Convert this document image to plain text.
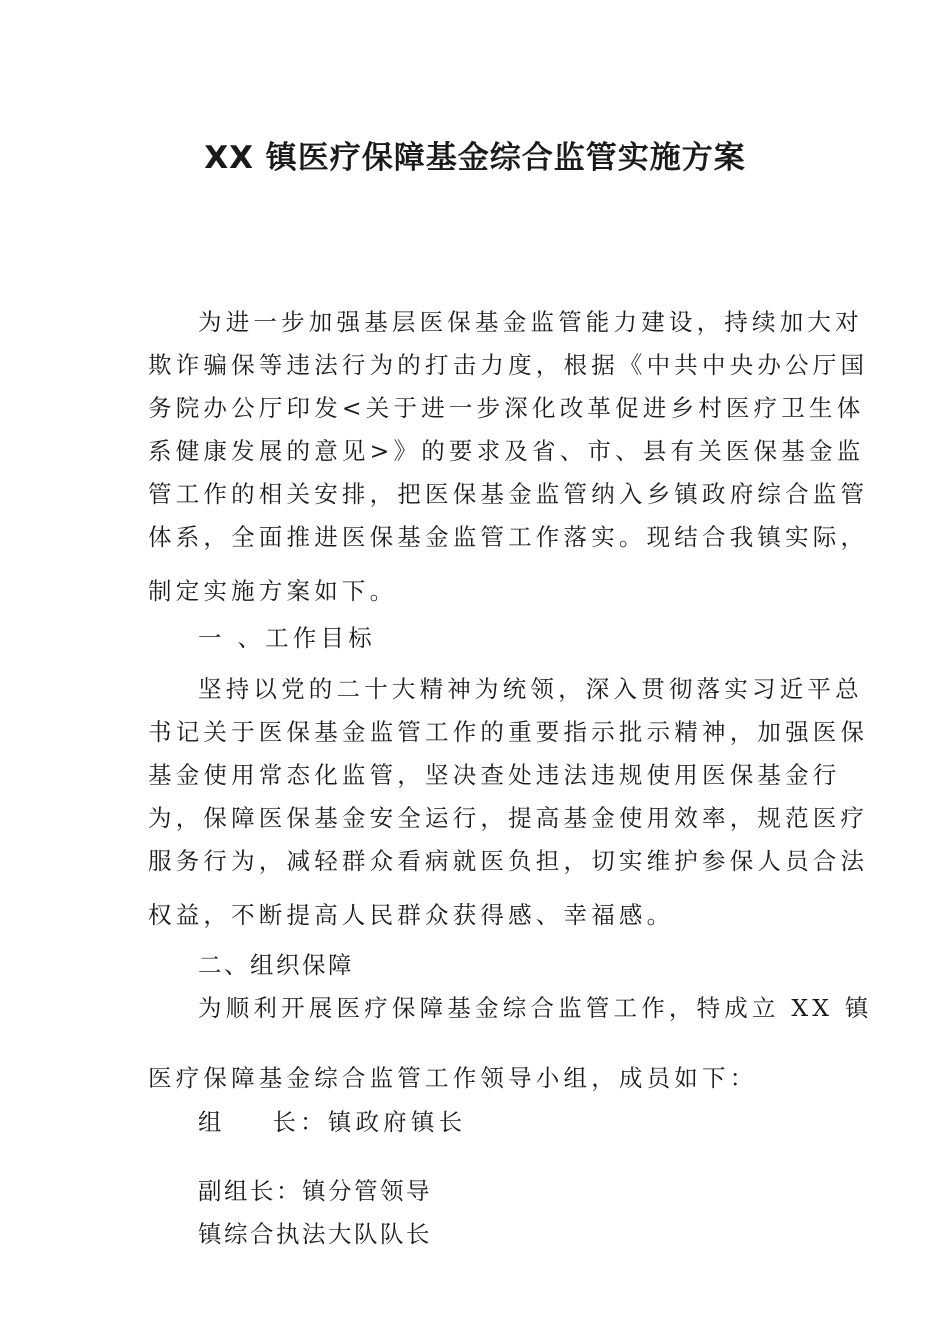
XX 镇医疗保障基金综合监管实施方案
为进一步加强基层医保基金监管能力建设，持续加大对
欺诈骗保等违法行为的打击力度，根据《中共中央办公厅国
务院办公厅印发<关于进一步深化改革促进乡村医疗卫生体
系健康发展的意见>》的要求及省、市、县有关医保基金监
管工作的相关安排，把医保基金监管纳入乡镇政府综合监管
体系，全面推进医保基金监管工作落实。现结合我镇实际，
制定实施方案如下。
一 、工作目标
坚持以党的二十大精神为统领，深入贯彻落实习近平总
书记关于医保基金监管工作的重要指示批示精神，加强医保
基金使用常态化监管，坚决查处违法违规使用医保基金行
为，保障医保基金安全运行，提高基金使用效率，规范医疗
服务行为，减轻群众看病就医负担，切实维护参保人员合法
权益，不断提高人民群众获得感、幸福感。
二、组织保障
为顺利开展医疗保障基金综合监管工作，特成立 XX 镇
医疗保障基金综合监管工作领导小组，成员如下：
组    长：镇政府镇长
副组长：镇分管领导
镇综合执法大队队长
